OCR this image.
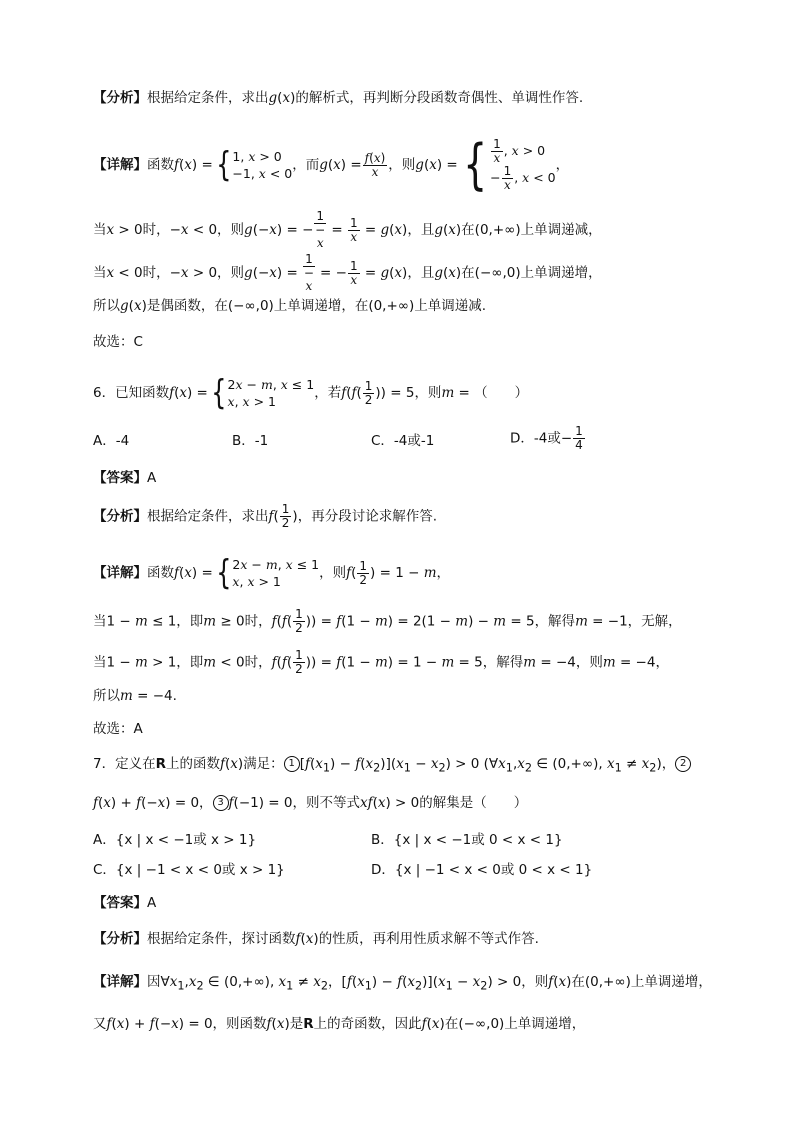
【分析】根据给定条件，求出g(x)的解析式，再判断分段函数奇偶性、单调性作答.
【详解】函数f(x) ={ 1, x > 0
−1, x < 0
，而$g(x) = \frac{f(x)}{x}$ ，则g(x) ={ $\frac{1}{x}$ , x > 0
− $\frac{1}{x}$ , x < 0
，
当x > 0时，−x < 0，则g(−x) = −
1
−
x
= $\frac{1}{x} = g(x)$，且g(x)在(0,+∞)上单调递减，
当x < 0时，−x > 0，则g(−x) =
1
−
x
= − $\frac{1}{x} = g(x)$，且g(x)在(−∞,0)上单调递增，
所以g(x)是偶函数，在(−∞,0)上单调递增，在(0,+∞)上单调递减.
故选：C
6．已知函数f(x) ={ 2x − m, x ≤ 1
x, x > 1
，若f(f( 1
2 )) = 5，则m = （　　）
A．-4	B．-1	C．-4或-1	D．-4或− 1
4
【答案】A
【分析】根据给定条件，求出f( 1
2 )，再分段讨论求解作答.
【详解】函数f(x) ={ 2x − m, x ≤ 1
x, x > 1
，则f( 1
2 ) = 1 − m，
当1 − m ≤ 1，即m ≥ 0时，f(f( 1
2 )) = f(1 − m) = 2(1 − m) − m = 5，解得m = −1，无解，
当1 − m > 1，即m < 0时，f(f( 1
2 )) = f(1 − m) = 1 − m = 5，解得m = −4，则m = −4，
所以m = −4.
故选：A
7．定义在R上的函数f(x)满足： 1 $[f(x_1) - f(x_2)](x_1 - x_2) > 0$ ($\forall x_1,x_2$ ∈ (0,+∞), $x_1 \ne x_2$)， 2
f(x) + f(−x) = 0， 3 f(−1) = 0，则不等式xf(x) > 0的解集是（　　）
A．{x | x < −1或 x > 1}	B．{x | x < −1或 0 < x < 1}
C．{x | −1 < x < 0或 x > 1}	D．{x | −1 < x < 0或 0 < x < 1}
【答案】A
【分析】根据给定条件，探讨函数f(x)的性质，再利用性质求解不等式作答.
【详解】因$\forall x_1,x_2$ ∈ (0,+∞), $x_1 \ne x_2$，$[f(x_1) - f(x_2)](x_1 - x_2) > 0$，则f(x)在(0,+∞)上单调递增，
又f(x) + f(−x) = 0，则函数f(x)是R上的奇函数，因此f(x)在(−∞,0)上单调递增，
